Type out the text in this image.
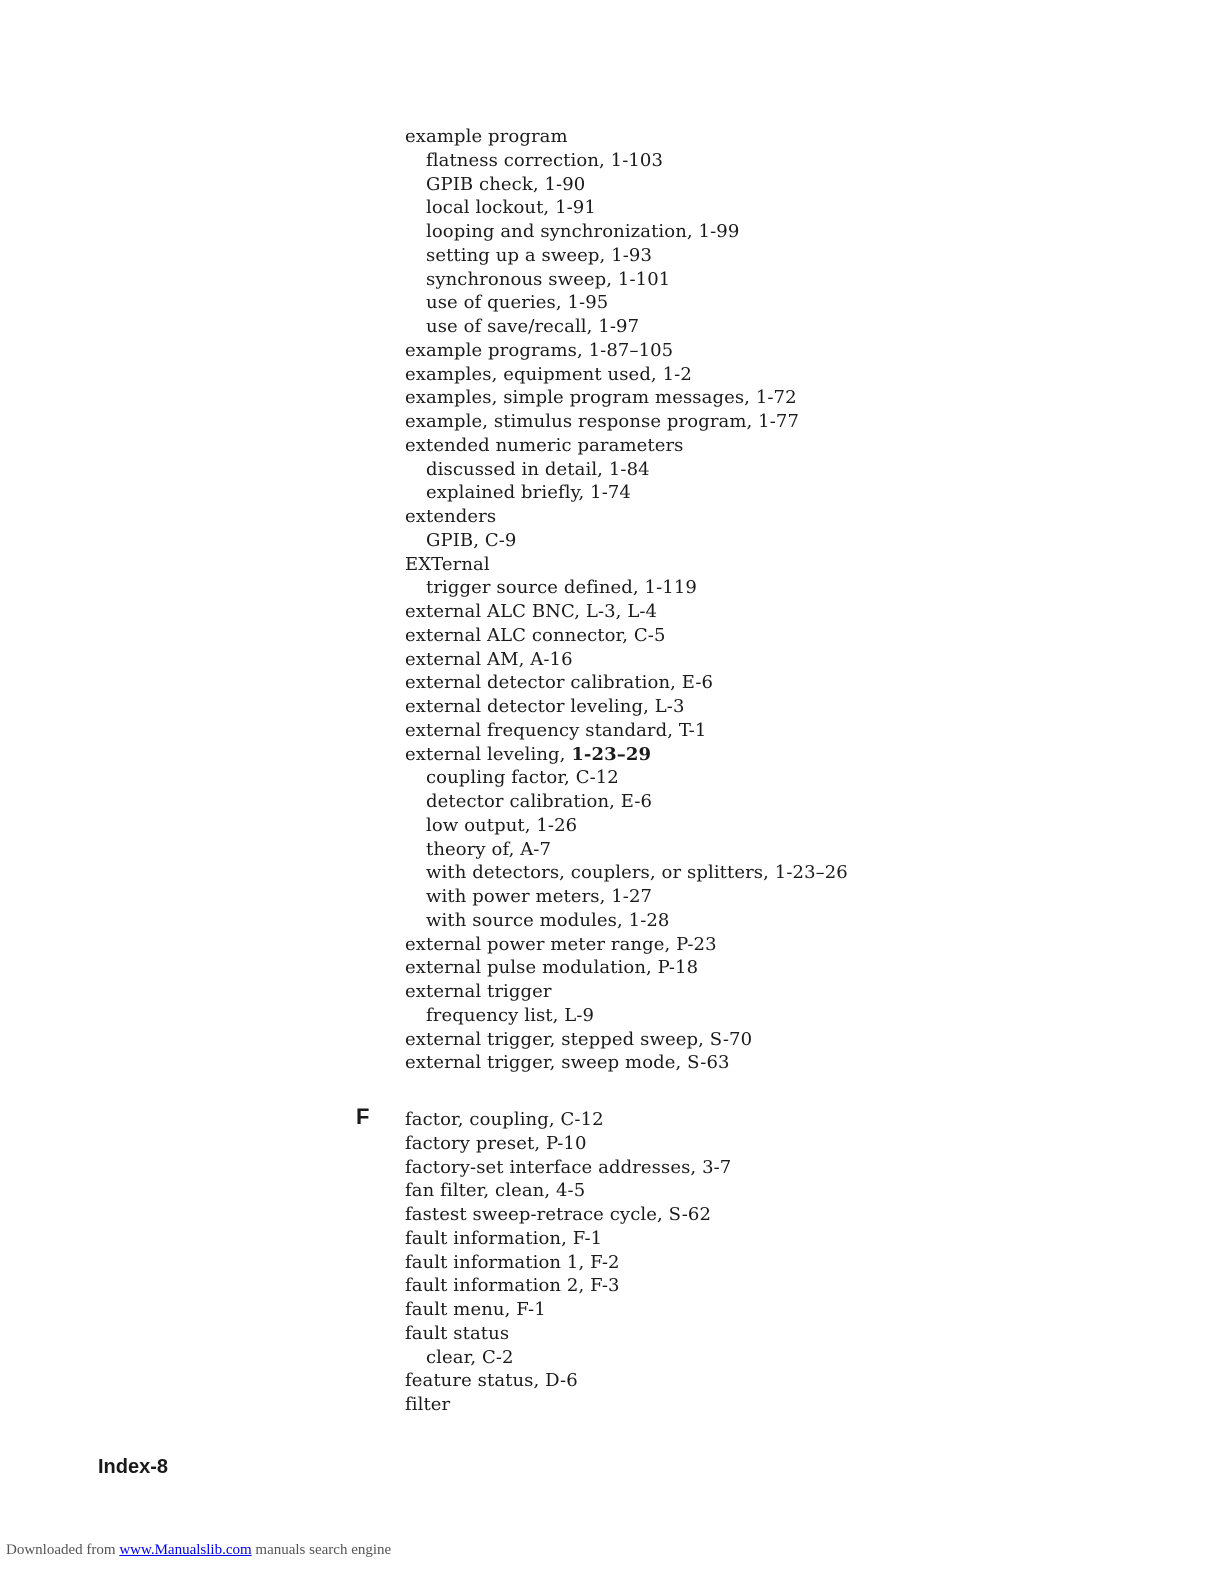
example program
flatness correction, 1-103
GPIB check, 1-90
local lockout, 1-91
looping and synchronization, 1-99
setting up a sweep, 1-93
synchronous sweep, 1-101
use of queries, 1-95
use of save/recall, 1-97
example programs, 1-87–105
examples, equipment used, 1-2
examples, simple program messages, 1-72
example, stimulus response program, 1-77
extended numeric parameters
discussed in detail, 1-84
explained briefly, 1-74
extenders
GPIB, C-9
EXTernal
trigger source defined, 1-119
external ALC BNC, L-3, L-4
external ALC connector, C-5
external AM, A-16
external detector calibration, E-6
external detector leveling, L-3
external frequency standard, T-1
external leveling, 1-23–29
coupling factor, C-12
detector calibration, E-6
low output, 1-26
theory of, A-7
with detectors, couplers, or splitters, 1-23–26
with power meters, 1-27
with source modules, 1-28
external power meter range, P-23
external pulse modulation, P-18
external trigger
frequency list, L-9
external trigger, stepped sweep, S-70
external trigger, sweep mode, S-63
factor, coupling, C-12
factory preset, P-10
factory-set interface addresses, 3-7
fan filter, clean, 4-5
fastest sweep-retrace cycle, S-62
fault information, F-1
fault information 1, F-2
fault information 2, F-3
fault menu, F-1
fault status
clear, C-2
feature status, D-6
filter
F
Index-8
Downloaded from www.Manualslib.com manuals search engine
